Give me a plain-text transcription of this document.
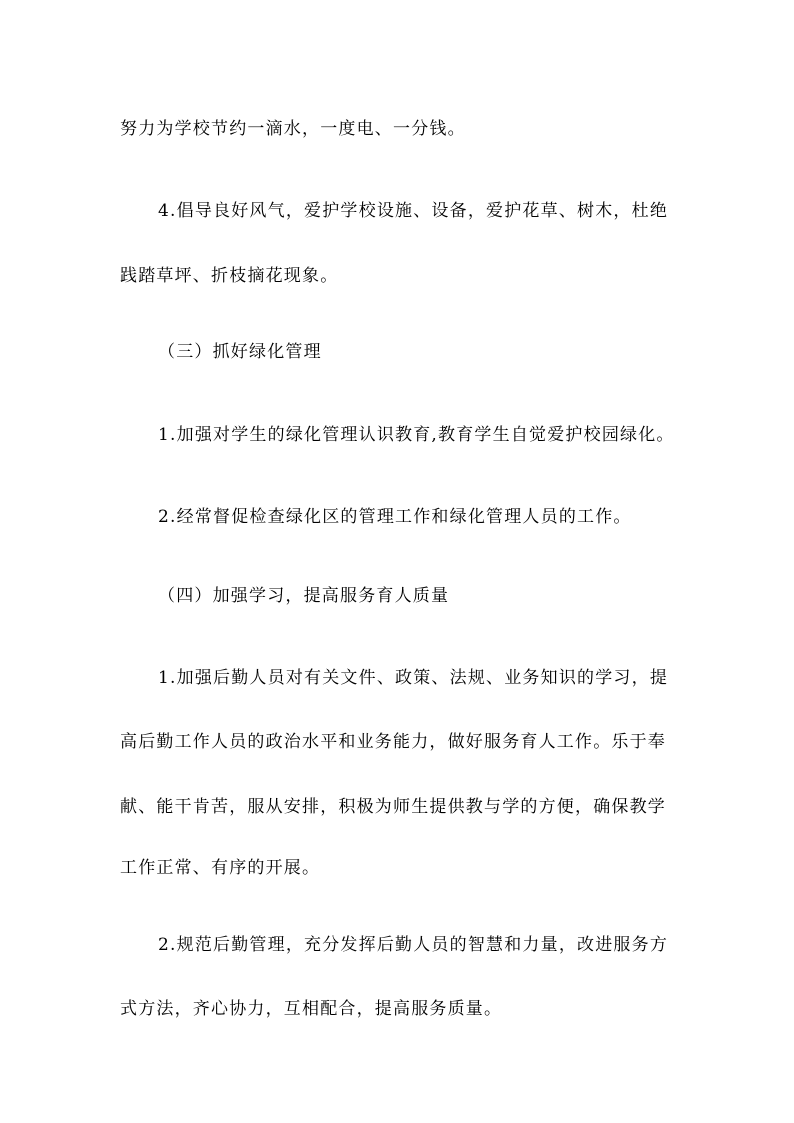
努力为学校节约一滴水，一度电、一分钱。
4.倡导良好风气，爱护学校设施、设备，爱护花草、树木，杜绝
践踏草坪、折枝摘花现象。
（三）抓好绿化管理
1.加强对学生的绿化管理认识教育,教育学生自觉爱护校园绿化。
2.经常督促检查绿化区的管理工作和绿化管理人员的工作。
（四）加强学习，提高服务育人质量
1.加强后勤人员对有关文件、政策、法规、业务知识的学习，提
高后勤工作人员的政治水平和业务能力，做好服务育人工作。乐于奉
献、能干肯苦，服从安排，积极为师生提供教与学的方便，确保教学
工作正常、有序的开展。
2.规范后勤管理，充分发挥后勤人员的智慧和力量，改进服务方
式方法，齐心协力，互相配合，提高服务质量。
